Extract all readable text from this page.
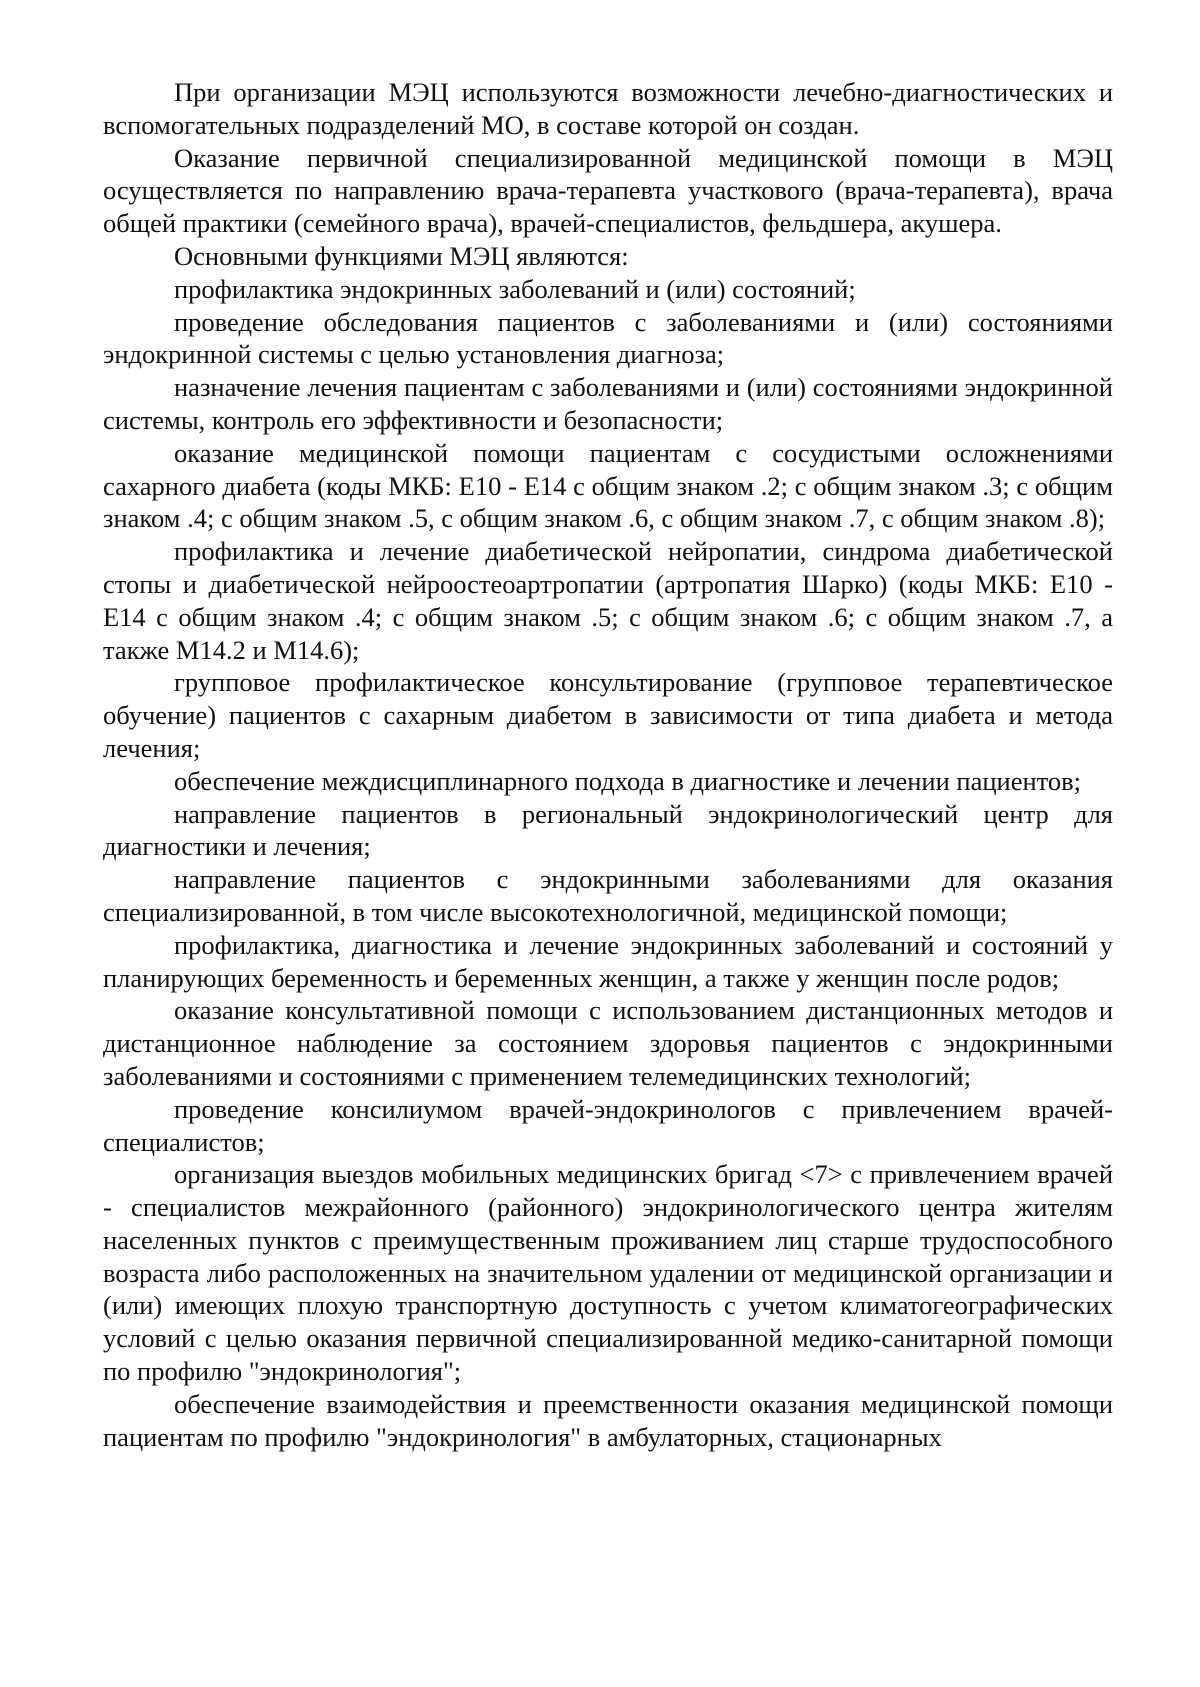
При организации МЭЦ используются возможности лечебно-диагностических и вспомогательных подразделений МО, в составе которой он создан.

Оказание первичной специализированной медицинской помощи в МЭЦ осуществляется по направлению врача-терапевта участкового (врача-терапевта), врача общей практики (семейного врача), врачей-специалистов, фельдшера, акушера.

Основными функциями МЭЦ являются:

профилактика эндокринных заболеваний и (или) состояний;

проведение обследования пациентов с заболеваниями и (или) состояниями эндокринной системы с целью установления диагноза;

назначение лечения пациентам с заболеваниями и (или) состояниями эндокринной системы, контроль его эффективности и безопасности;

оказание медицинской помощи пациентам с сосудистыми осложнениями сахарного диабета (коды МКБ: E10 - E14 с общим знаком .2; с общим знаком .3; с общим знаком .4; с общим знаком .5, с общим знаком .6, с общим знаком .7, с общим знаком .8);

профилактика и лечение диабетической нейропатии, синдрома диабетической стопы и диабетической нейроостеоартропатии (артропатия Шарко) (коды МКБ: E10 - E14 с общим знаком .4; с общим знаком .5; с общим знаком .6; с общим знаком .7, а также M14.2 и M14.6);

групповое профилактическое консультирование (групповое терапевтическое обучение) пациентов с сахарным диабетом в зависимости от типа диабета и метода лечения;

обеспечение междисциплинарного подхода в диагностике и лечении пациентов;

направление пациентов в региональный эндокринологический центр для диагностики и лечения;

направление пациентов с эндокринными заболеваниями для оказания специализированной, в том числе высокотехнологичной, медицинской помощи;

профилактика, диагностика и лечение эндокринных заболеваний и состояний у планирующих беременность и беременных женщин, а также у женщин после родов;

оказание консультативной помощи с использованием дистанционных методов и дистанционное наблюдение за состоянием здоровья пациентов с эндокринными заболеваниями и состояниями с применением телемедицинских технологий;

проведение консилиумом врачей-эндокринологов с привлечением врачей-специалистов;

организация выездов мобильных медицинских бригад <7> с привлечением врачей - специалистов межрайонного (районного) эндокринологического центра жителям населенных пунктов с преимущественным проживанием лиц старше трудоспособного возраста либо расположенных на значительном удалении от медицинской организации и (или) имеющих плохую транспортную доступность с учетом климатогеографических условий с целью оказания первичной специализированной медико-санитарной помощи по профилю "эндокринология";

обеспечение взаимодействия и преемственности оказания медицинской помощи пациентам по профилю "эндокринология" в амбулаторных, стационарных
